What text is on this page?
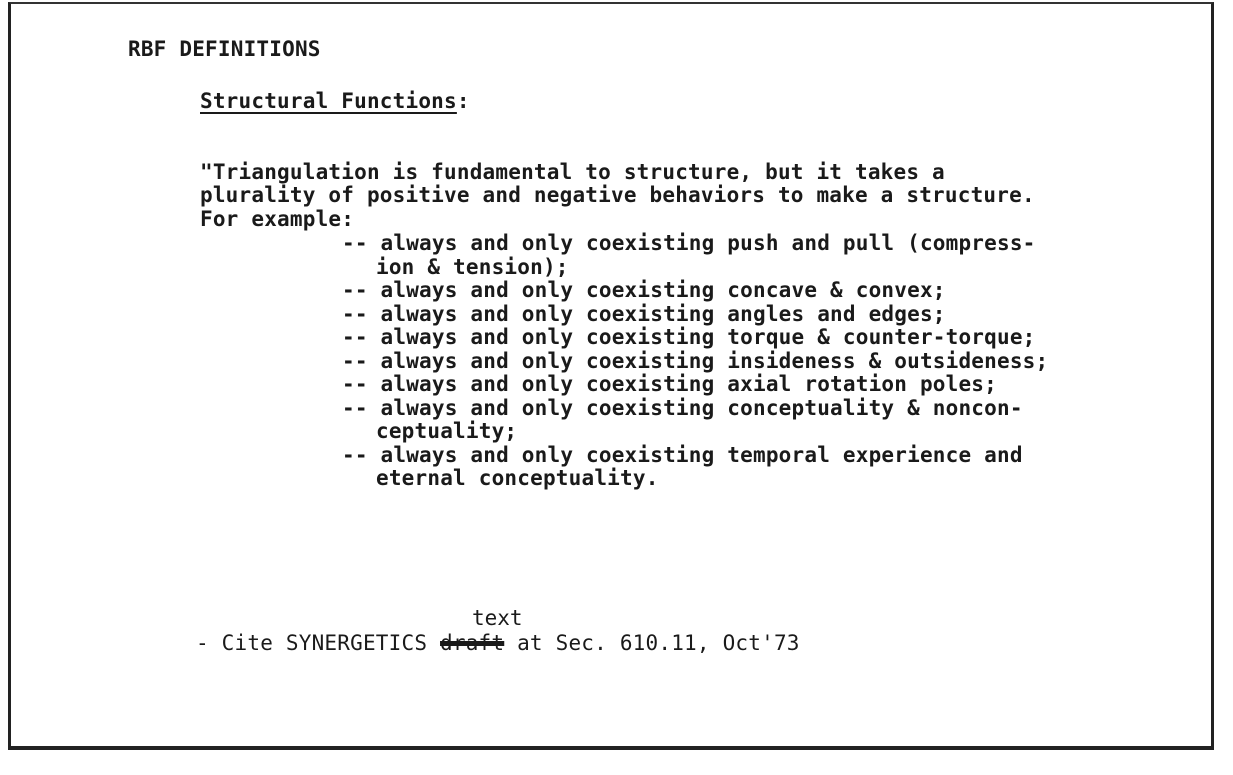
RBF DEFINITIONS
Structural Functions:

"Triangulation is fundamental to structure, but it takes a
plurality of positive and negative behaviors to make a structure.
For example:
-- always and only coexisting push and pull (compress-
ion & tension);
-- always and only coexisting concave & convex;
-- always and only coexisting angles and edges;
-- always and only coexisting torque & counter-torque;
-- always and only coexisting insideness & outsideness;
-- always and only coexisting axial rotation poles;
-- always and only coexisting conceptuality & noncon-
ceptuality;
-- always and only coexisting temporal experience and
eternal conceptuality.
text
- Cite SYNERGETICS draft at Sec. 610.11, Oct'73
